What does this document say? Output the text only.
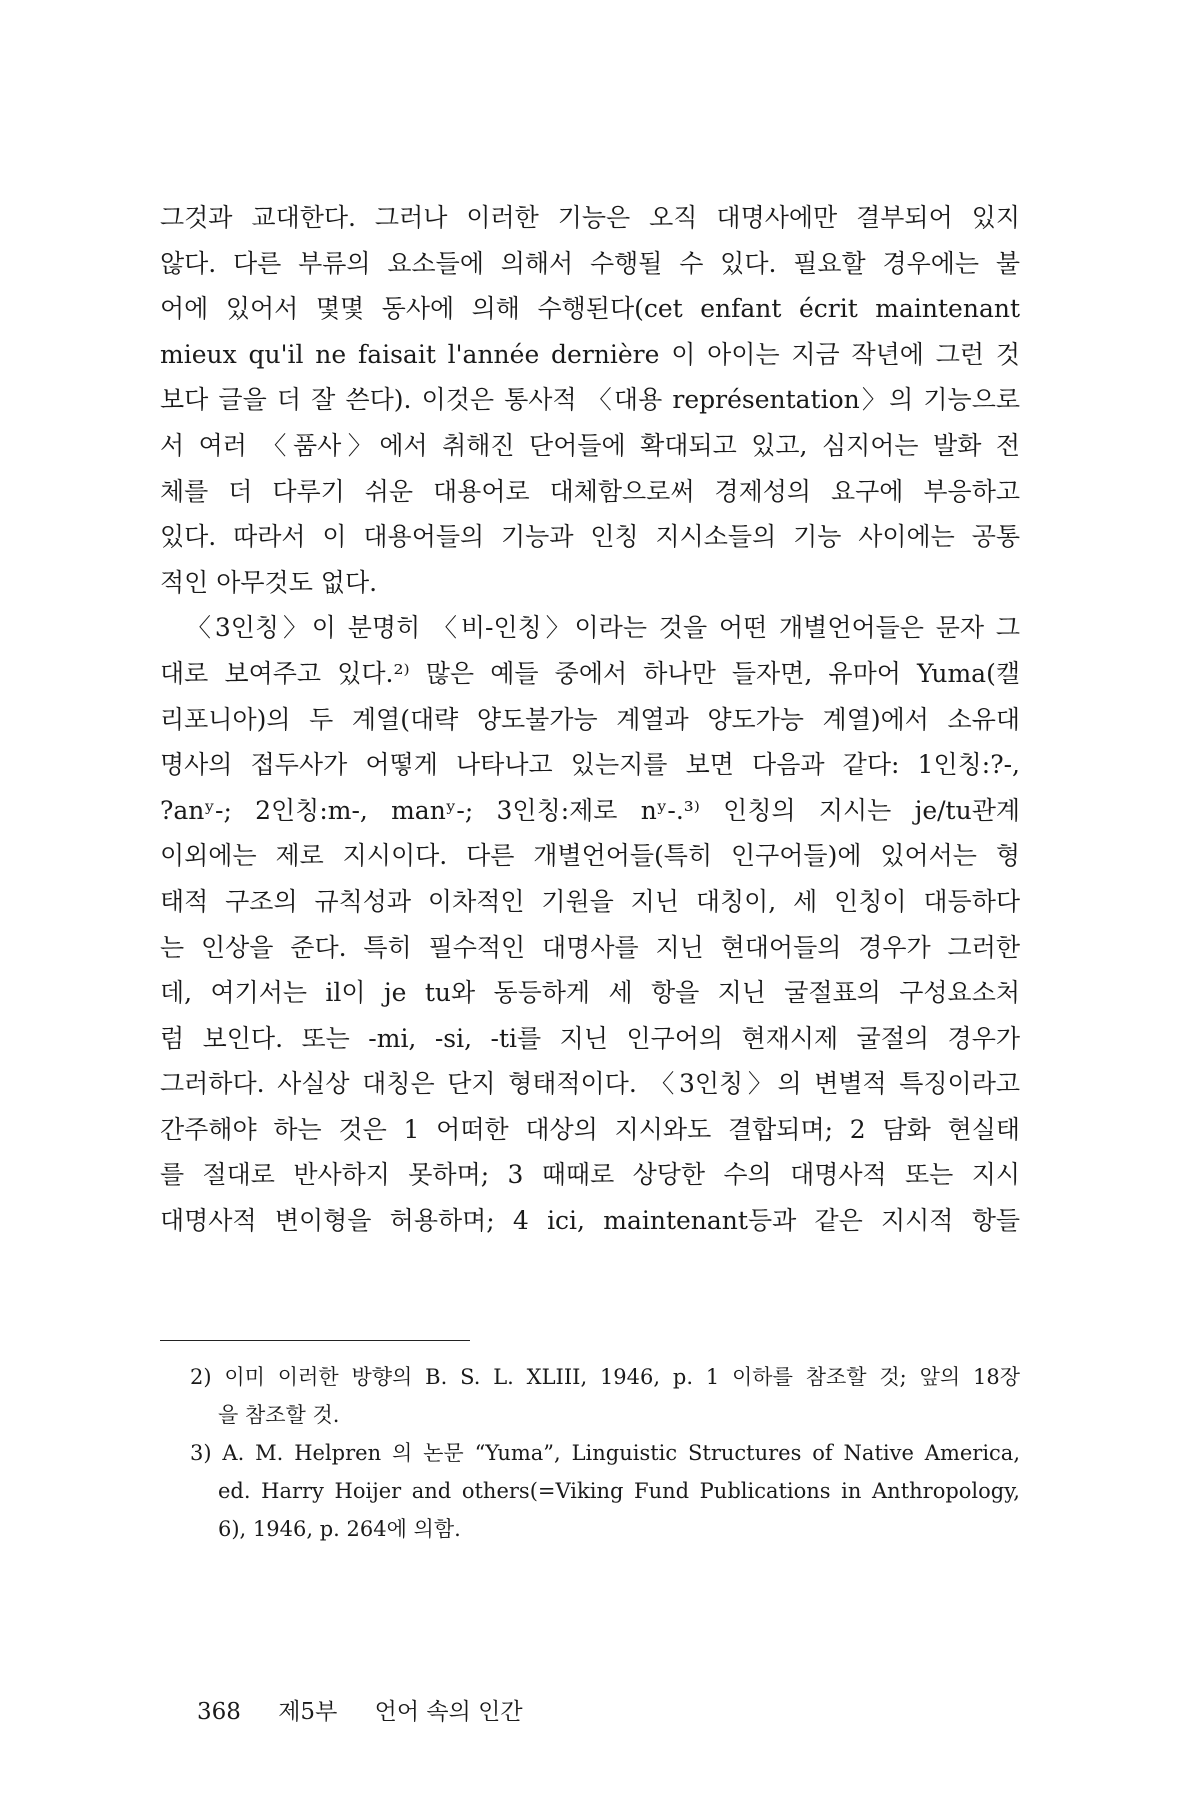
그것과 교대한다. 그러나 이러한 기능은 오직 대명사에만 결부되어 있지
않다. 다른 부류의 요소들에 의해서 수행될 수 있다. 필요할 경우에는 불
어에 있어서 몇몇 동사에 의해 수행된다(cet enfant écrit maintenant
mieux qu'il ne faisait l'année dernière 이 아이는 지금 작년에 그런 것
보다 글을 더 잘 쓴다). 이것은 통사적 〈대용 représentation〉의 기능으로
서 여러 〈품사〉에서 취해진 단어들에 확대되고 있고, 심지어는 발화 전
체를 더 다루기 쉬운 대용어로 대체함으로써 경제성의 요구에 부응하고
있다. 따라서 이 대용어들의 기능과 인칭 지시소들의 기능 사이에는 공통
적인 아무것도 없다.
〈3인칭〉이 분명히 〈비-인칭〉이라는 것을 어떤 개별언어들은 문자 그
대로 보여주고 있다.²⁾ 많은 예들 중에서 하나만 들자면, 유마어 Yuma(캘
리포니아)의 두 계열(대략 양도불가능 계열과 양도가능 계열)에서 소유대
명사의 접두사가 어떻게 나타나고 있는지를 보면 다음과 같다: 1인칭:?-,
?anʸ-; 2인칭:m-, manʸ-; 3인칭:제로 nʸ-.³⁾ 인칭의 지시는 je/tu관계
이외에는 제로 지시이다. 다른 개별언어들(특히 인구어들)에 있어서는 형
태적 구조의 규칙성과 이차적인 기원을 지닌 대칭이, 세 인칭이 대등하다
는 인상을 준다. 특히 필수적인 대명사를 지닌 현대어들의 경우가 그러한
데, 여기서는 il이 je tu와 동등하게 세 항을 지닌 굴절표의 구성요소처
럼 보인다. 또는 -mi, -si, -ti를 지닌 인구어의 현재시제 굴절의 경우가
그러하다. 사실상 대칭은 단지 형태적이다. 〈3인칭〉의 변별적 특징이라고
간주해야 하는 것은 1 어떠한 대상의 지시와도 결합되며; 2 담화 현실태
를 절대로 반사하지 못하며; 3 때때로 상당한 수의 대명사적 또는 지시
대명사적 변이형을 허용하며; 4 ici, maintenant등과 같은 지시적 항들
2) 이미 이러한 방향의 B. S. L. XLIII, 1946, p. 1 이하를 참조할 것; 앞의 18장
을 참조할 것.
3) A. M. Helpren 의 논문 “Yuma”, Linguistic Structures of Native America,
ed. Harry Hoijer and others(=Viking Fund Publications in Anthropology,
6), 1946, p. 264에 의함.
368 제5부 언어 속의 인간
